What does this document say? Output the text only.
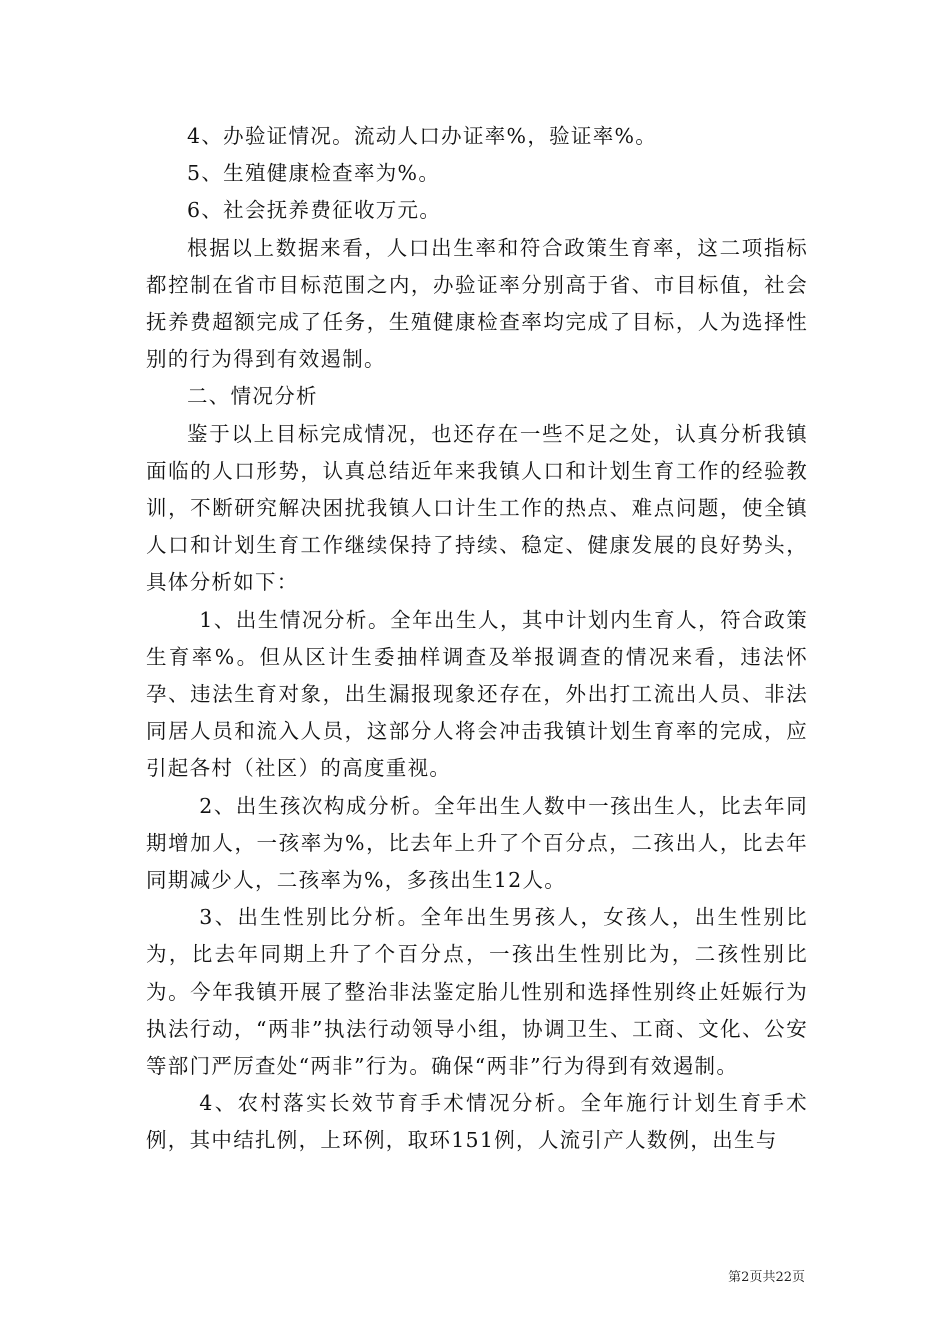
4、办验证情况。流动人口办证率%，验证率%。

5、生殖健康检查率为%。

6、社会抚养费征收万元。

根据以上数据来看，人口出生率和符合政策生育率，这二项指标都控制在省市目标范围之内，办验证率分别高于省、市目标值，社会抚养费超额完成了任务，生殖健康检查率均完成了目标，人为选择性别的行为得到有效遏制。

二、情况分析

鉴于以上目标完成情况，也还存在一些不足之处，认真分析我镇面临的人口形势，认真总结近年来我镇人口和计划生育工作的经验教训，不断研究解决困扰我镇人口计生工作的热点、难点问题，使全镇人口和计划生育工作继续保持了持续、稳定、健康发展的良好势头，具体分析如下：

1、出生情况分析。全年出生人，其中计划内生育人，符合政策生育率%。但从区计生委抽样调查及举报调查的情况来看，违法怀孕、违法生育对象，出生漏报现象还存在，外出打工流出人员、非法同居人员和流入人员，这部分人将会冲击我镇计划生育率的完成，应引起各村（社区）的高度重视。

2、出生孩次构成分析。全年出生人数中一孩出生人，比去年同期增加人，一孩率为%，比去年上升了个百分点，二孩出人，比去年同期减少人，二孩率为%，多孩出生12人。

3、出生性别比分析。全年出生男孩人，女孩人，出生性别比为，比去年同期上升了个百分点，一孩出生性别比为，二孩性别比为。今年我镇开展了整治非法鉴定胎儿性别和选择性别终止妊娠行为执法行动，“两非”执法行动领导小组，协调卫生、工商、文化、公安等部门严厉查处“两非”行为。确保“两非”行为得到有效遏制。

4、农村落实长效节育手术情况分析。全年施行计划生育手术例，其中结扎例，上环例，取环151例，人流引产人数例，出生与

第2页共22页
